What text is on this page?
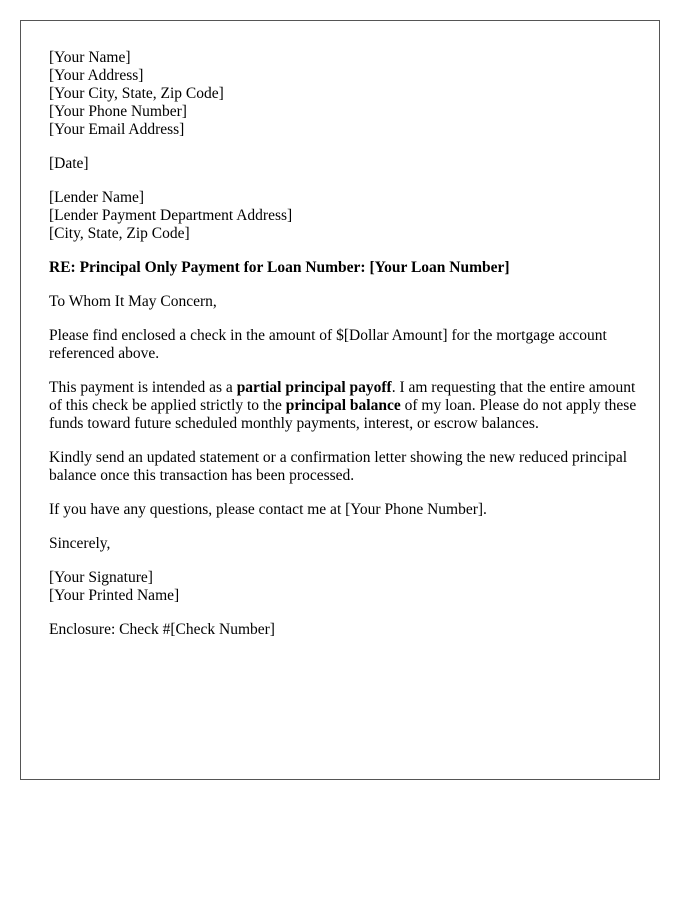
[Your Name]
[Your Address]
[Your City, State, Zip Code]
[Your Phone Number]
[Your Email Address]
[Date]
[Lender Name]
[Lender Payment Department Address]
[City, State, Zip Code]

RE: Principal Only Payment for Loan Number: [Your Loan Number]

To Whom It May Concern,

Please find enclosed a check in the amount of $[Dollar Amount] for the mortgage account referenced above.

This payment is intended as a partial principal payoff. I am requesting that the entire amount of this check be applied strictly to the principal balance of my loan. Please do not apply these funds toward future scheduled monthly payments, interest, or escrow balances.

Kindly send an updated statement or a confirmation letter showing the new reduced principal balance once this transaction has been processed.

If you have any questions, please contact me at [Your Phone Number].

Sincerely,

[Your Signature]
[Your Printed Name]

Enclosure: Check #[Check Number]
